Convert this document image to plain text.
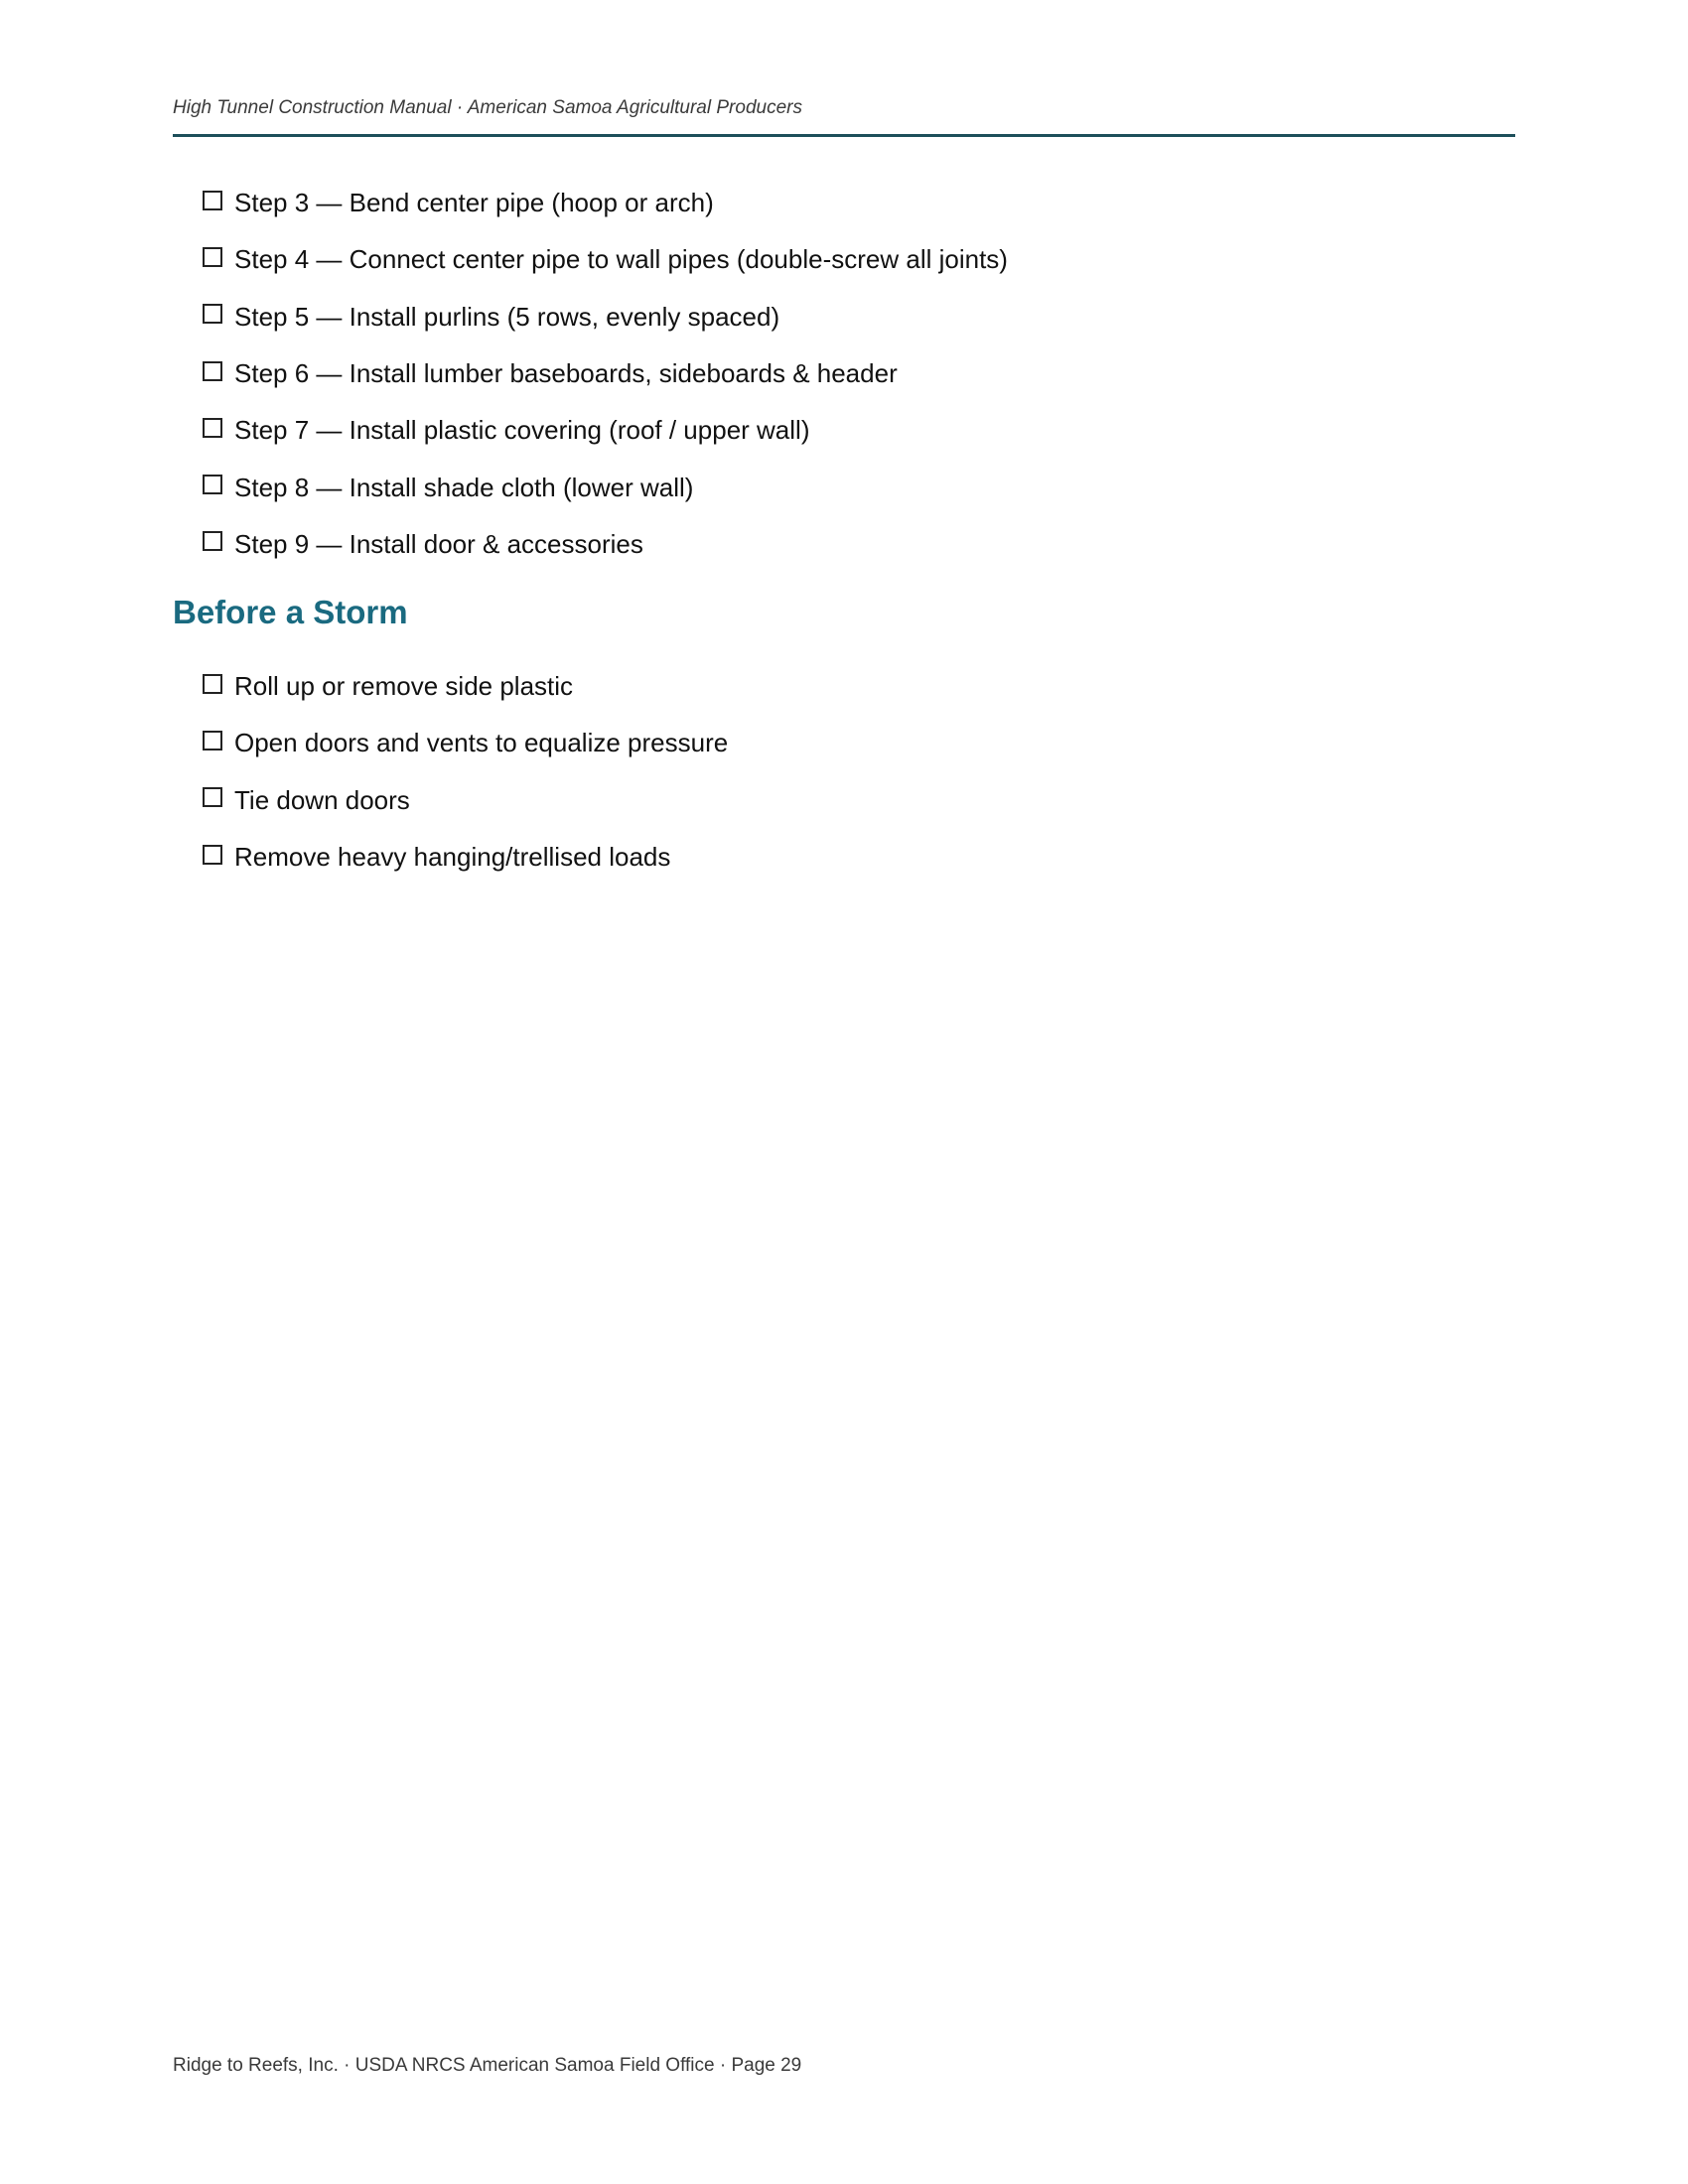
High Tunnel Construction Manual · American Samoa Agricultural Producers
Step 3 — Bend center pipe (hoop or arch)
Step 4 — Connect center pipe to wall pipes (double-screw all joints)
Step 5 — Install purlins (5 rows, evenly spaced)
Step 6 — Install lumber baseboards, sideboards & header
Step 7 — Install plastic covering (roof / upper wall)
Step 8 — Install shade cloth (lower wall)
Step 9 — Install door & accessories
Before a Storm
Roll up or remove side plastic
Open doors and vents to equalize pressure
Tie down doors
Remove heavy hanging/trellised loads
Ridge to Reefs, Inc. · USDA NRCS American Samoa Field Office · Page 29
